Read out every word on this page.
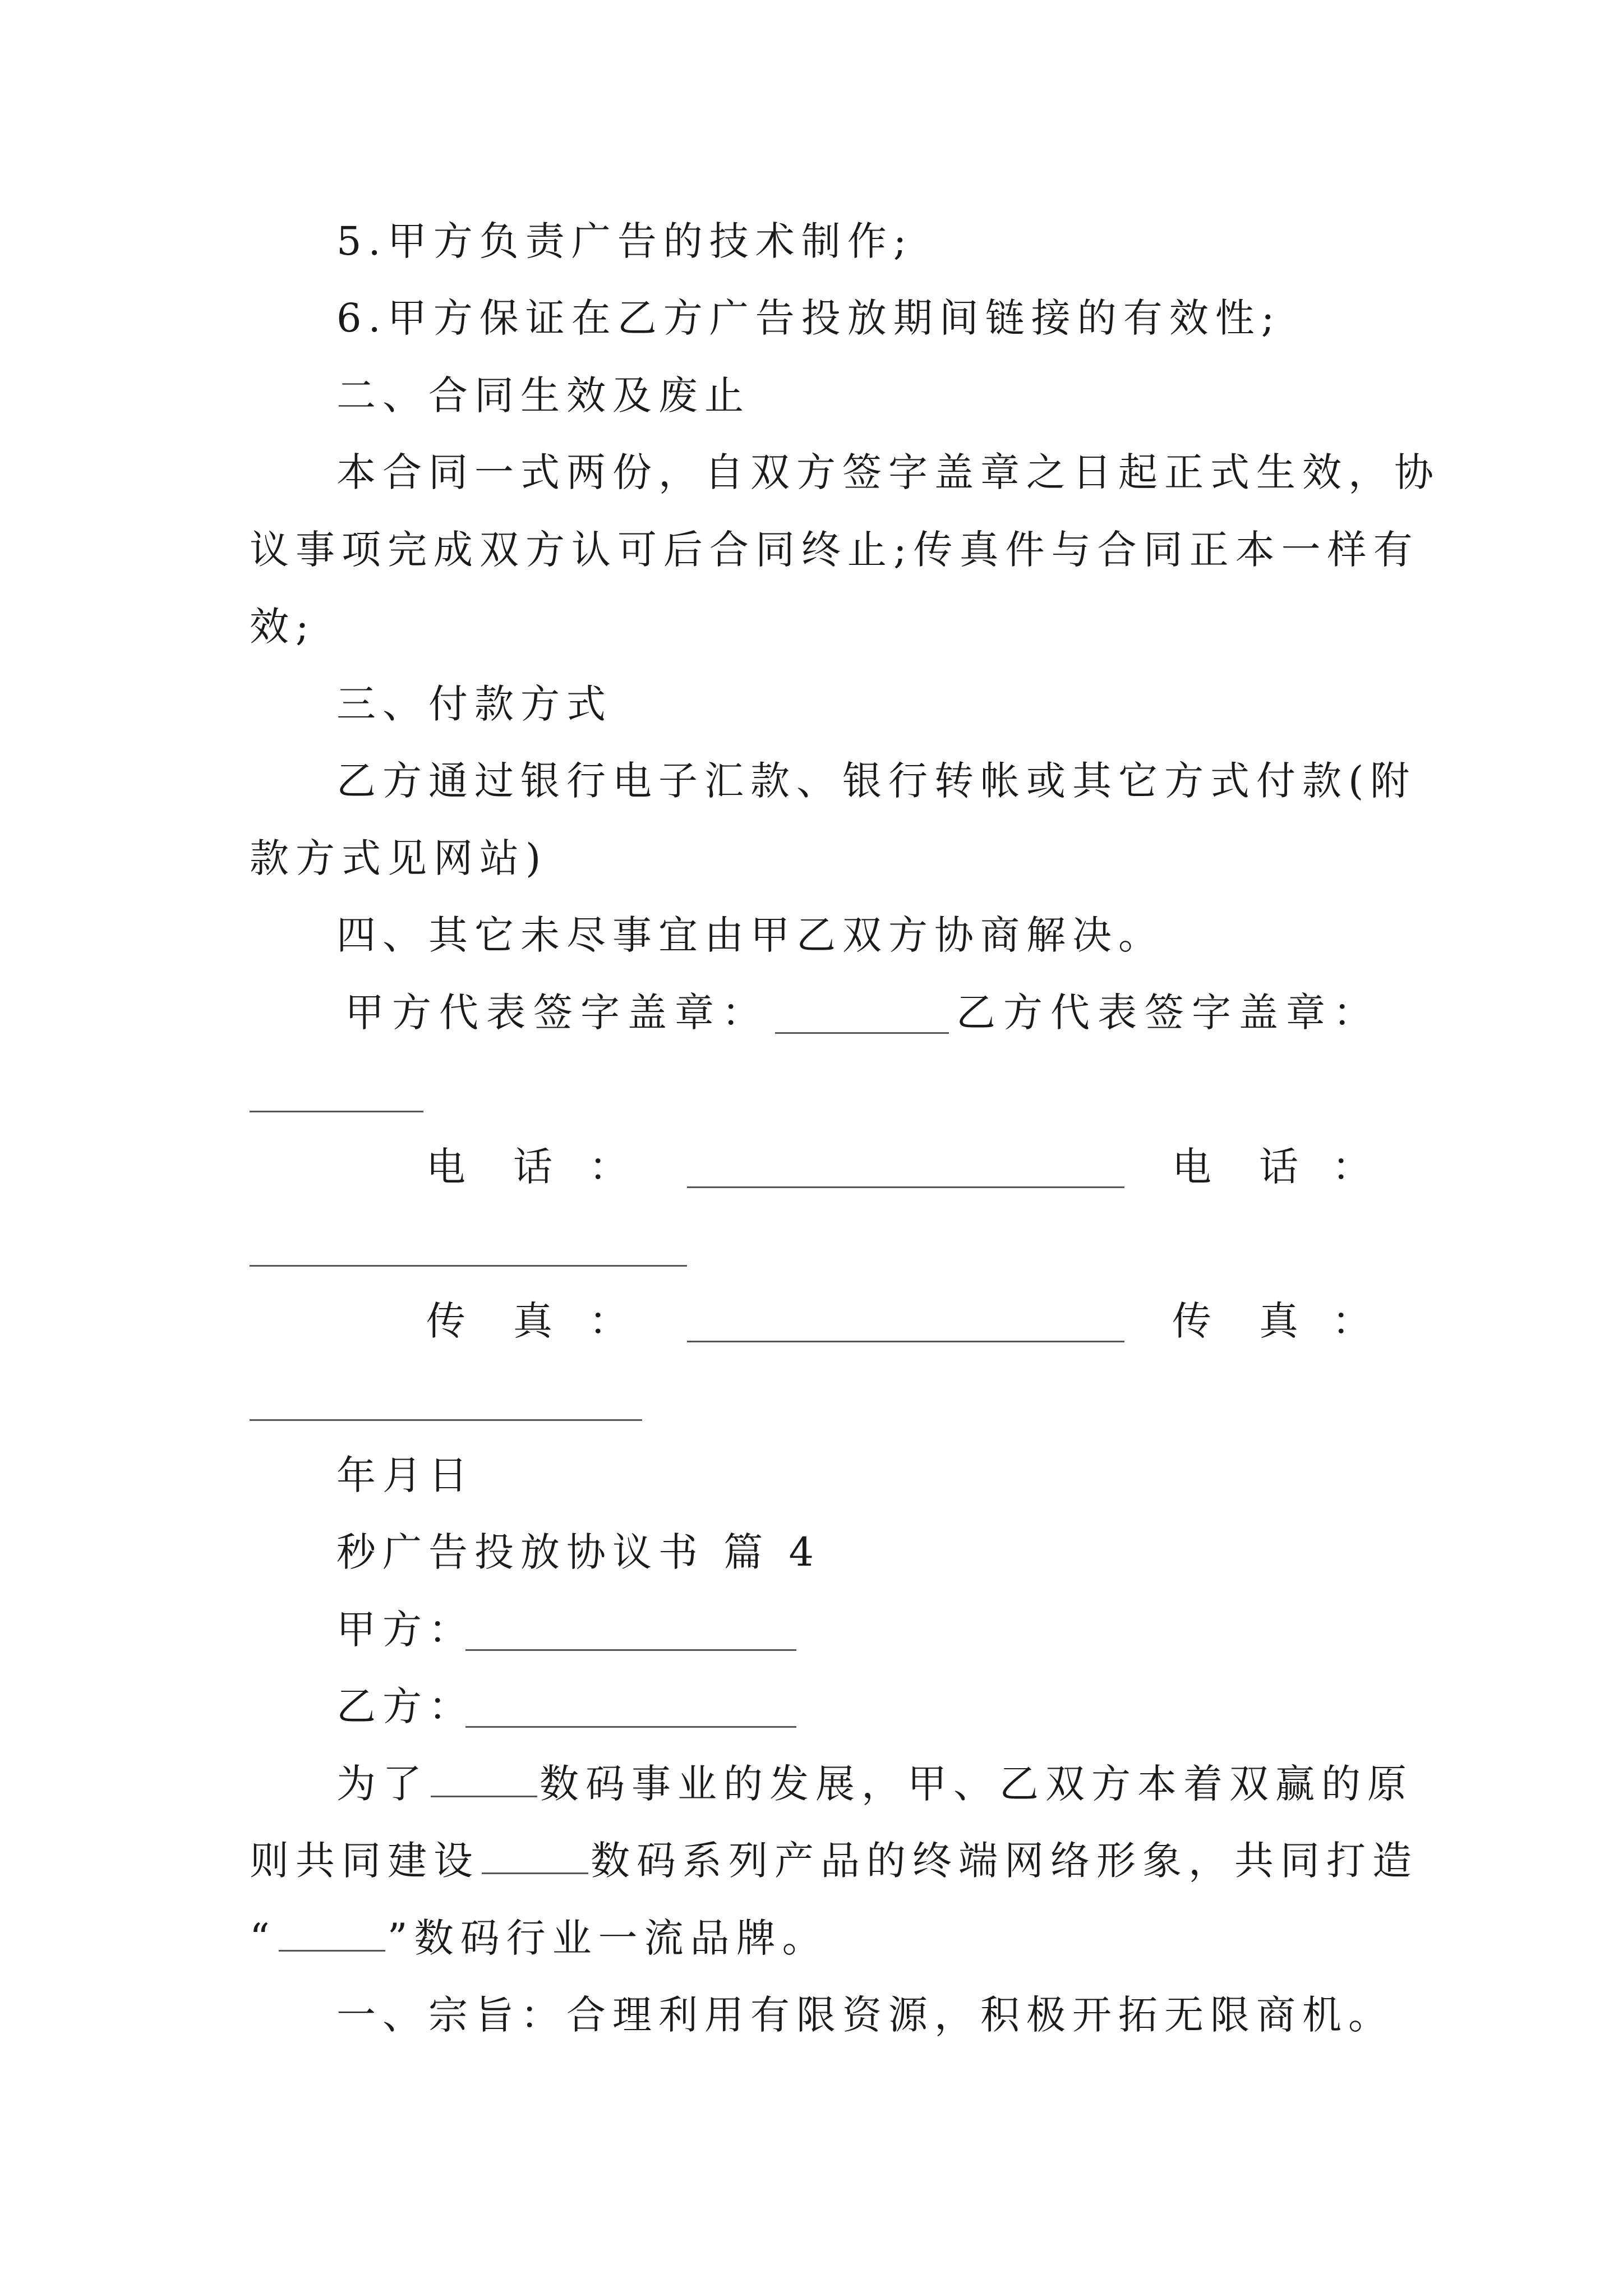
5.甲方负责广告的技术制作;
6.甲方保证在乙方广告投放期间链接的有效性;
二、合同生效及废止
本合同一式两份，自双方签字盖章之日起正式生效，协
议事项完成双方认可后合同终止;传真件与合同正本一样有
效;
三、付款方式
乙方通过银行电子汇款、银行转帐或其它方式付款(附
款方式见网站)
四、其它未尽事宜由甲乙双方协商解决。
甲方代表签字盖章：	乙方代表签字盖章：
电 话 ：	电 话 ：
传 真 ：	传 真 ：
年月日
秒广告投放协议书 篇 4
甲方：
乙方：
为了	数码事业的发展，甲、乙双方本着双赢的原
则共同建设	数码系列产品的终端网络形象，共同打造
“	”数码行业一流品牌。
一、宗旨：合理利用有限资源，积极开拓无限商机。
